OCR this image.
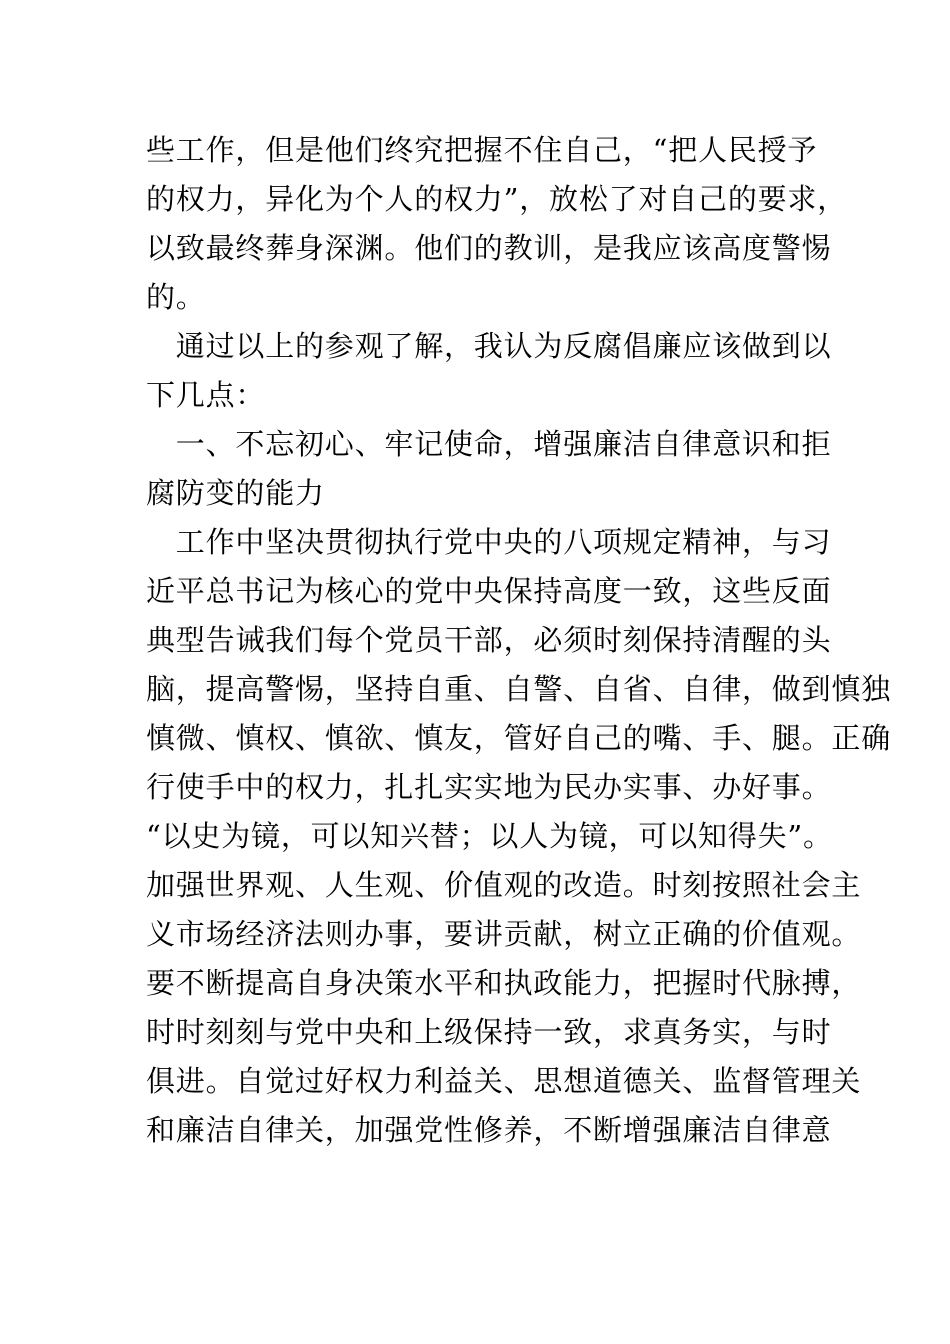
些工作，但是他们终究把握不住自己，“把人民授予
的权力，异化为个人的权力”，放松了对自己的要求，
以致最终葬身深渊。他们的教训，是我应该高度警惕
的。
　通过以上的参观了解，我认为反腐倡廉应该做到以
下几点：
　一、不忘初心、牢记使命，增强廉洁自律意识和拒
腐防变的能力
　工作中坚决贯彻执行党中央的八项规定精神，与习
近平总书记为核心的党中央保持高度一致，这些反面
典型告诫我们每个党员干部，必须时刻保持清醒的头
脑，提高警惕，坚持自重、自警、自省、自律，做到慎独
慎微、慎权、慎欲、慎友，管好自己的嘴、手、腿。正确
行使手中的权力，扎扎实实地为民办实事、办好事。
“以史为镜，可以知兴替；以人为镜，可以知得失”。
加强世界观、人生观、价值观的改造。时刻按照社会主
义市场经济法则办事，要讲贡献，树立正确的价值观。
要不断提高自身决策水平和执政能力，把握时代脉搏，
时时刻刻与党中央和上级保持一致，求真务实，与时
俱进。自觉过好权力利益关、思想道德关、监督管理关
和廉洁自律关，加强党性修养，不断增强廉洁自律意
